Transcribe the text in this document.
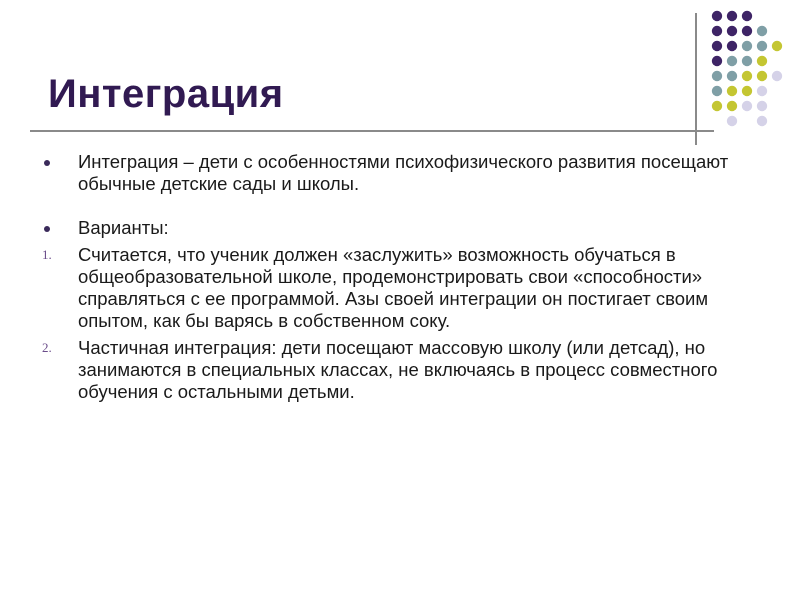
Интеграция
Интеграция – дети с особенностями психофизического развития посещают обычные детские сады и школы.
Варианты:
1.	Считается, что ученик должен «заслужить» возможность обучаться в общеобразовательной школе, продемонстрировать свои «способности» справляться с ее программой. Азы своей интеграции он постигает своим опытом, как бы варясь в собственном соку.
2.	Частичная интеграция: дети посещают массовую школу (или детсад), но занимаются в специальных классах, не включаясь в процесс совместного обучения с остальными детьми.
